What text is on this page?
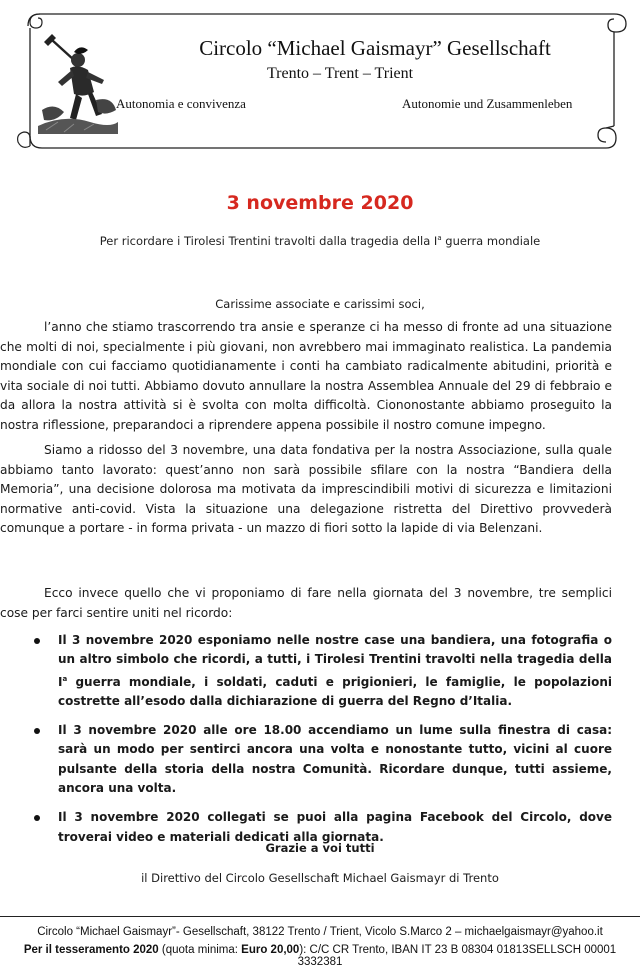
Circolo “Michael Gaismayr” Gesellschaft
Trento – Trent – Trient
Autonomia e convivenza	Autonomie und Zusammenleben
3 novembre 2020
Per ricordare i Tirolesi Trentini travolti dalla tragedia della $I^a$ guerra mondiale
Carissime associate e carissimi soci,

l’anno che stiamo trascorrendo tra ansie e speranze ci ha messo di fronte ad una situazione che molti di noi, specialmente i più giovani, non avrebbero mai immaginato realistica. La pandemia mondiale con cui facciamo quotidianamente i conti ha cambiato radicalmente abitudini, priorità e vita sociale di noi tutti. Abbiamo dovuto annullare la nostra Assemblea Annuale del 29 di febbraio e da allora la nostra attività si è svolta con molta difficoltà. Ciononostante abbiamo proseguito la nostra riflessione, preparandoci a riprendere appena possibile il nostro comune impegno.

Siamo a ridosso del 3 novembre, una data fondativa per la nostra Associazione, sulla quale abbiamo tanto lavorato: quest’anno non sarà possibile sfilare con la nostra “Bandiera della Memoria”, una decisione dolorosa ma motivata da imprescindibili motivi di sicurezza e limitazioni normative anti-covid. Vista la situazione una delegazione ristretta del Direttivo provvederà comunque a portare - in forma privata - un mazzo di fiori sotto la lapide di via Belenzani.

Ecco invece quello che vi proponiamo di fare nella giornata del 3 novembre, tre semplici cose per farci sentire uniti nel ricordo:

Il 3 novembre 2020 esponiamo nelle nostre case una bandiera, una fotografia o un altro simbolo che ricordi, a tutti, i Tirolesi Trentini travolti nella tragedia della $I^a$ guerra mondiale, i soldati, caduti e prigionieri, le famiglie, le popolazioni costrette all’esodo dalla dichiarazione di guerra del Regno d’Italia.
Il 3 novembre 2020 alle ore 18.00 accendiamo un lume sulla finestra di casa: sarà un modo per sentirci ancora una volta e nonostante tutto, vicini al cuore pulsante della storia della nostra Comunità. Ricordare dunque, tutti assieme, ancora una volta.
Il 3 novembre 2020 collegati se puoi alla pagina Facebook del Circolo, dove troverai video e materiali dedicati alla giornata.
Grazie a voi tutti
il Direttivo del Circolo Gesellschaft Michael Gaismayr di Trento
Circolo “Michael Gaismayr”- Gesellschaft, 38122 Trento / Trient, Vicolo S.Marco 2 – michaelgaismayr@yahoo.it
Per il tesseramento 2020 (quota minima: Euro 20,00): C/C CR Trento, IBAN IT 23 B 08304 01813SELLSCH 00001 3332381
